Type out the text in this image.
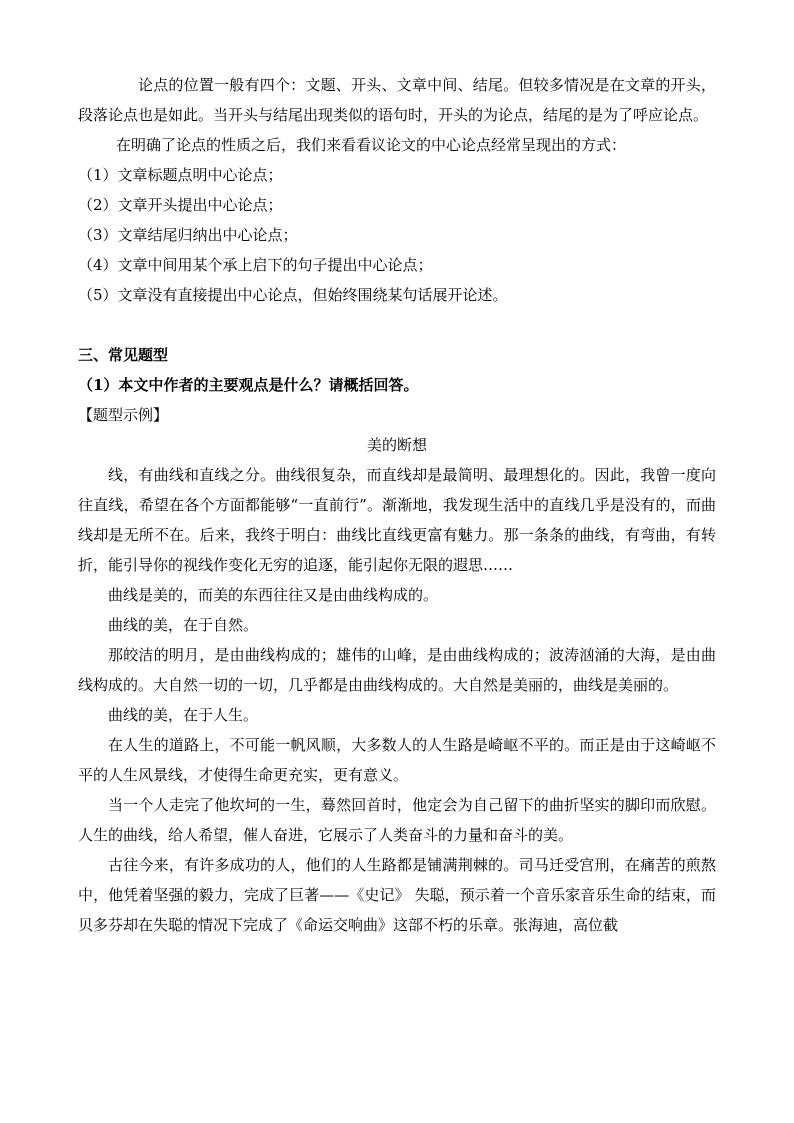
论点的位置一般有四个：文题、开头、文章中间、结尾。但较多情况是在文章的开头，段落论点也是如此。当开头与结尾出现类似的语句时，开头的为论点，结尾的是为了呼应论点。

在明确了论点的性质之后，我们来看看议论文的中心论点经常呈现出的方式：

（1）文章标题点明中心论点；

（2）文章开头提出中心论点；

（3）文章结尾归纳出中心论点；

（4）文章中间用某个承上启下的句子提出中心论点；

（5）文章没有直接提出中心论点，但始终围绕某句话展开论述。

三、常见题型

（1）本文中作者的主要观点是什么？请概括回答。

【题型示例】

美的断想

线，有曲线和直线之分。曲线很复杂，而直线却是最简明、最理想化的。因此，我曾一度向往直线，希望在各个方面都能够“一直前行”。渐渐地，我发现生活中的直线几乎是没有的，而曲线却是无所不在。后来，我终于明白：曲线比直线更富有魅力。那一条条的曲线，有弯曲，有转折，能引导你的视线作变化无穷的追逐，能引起你无限的遐思……

曲线是美的，而美的东西往往又是由曲线构成的。

曲线的美，在于自然。

那皎洁的明月，是由曲线构成的；雄伟的山峰，是由曲线构成的；波涛汹涌的大海，是由曲线构成的。大自然一切的一切，几乎都是由曲线构成的。大自然是美丽的，曲线是美丽的。

曲线的美，在于人生。

在人生的道路上，不可能一帆风顺，大多数人的人生路是崎岖不平的。而正是由于这崎岖不平的人生风景线，才使得生命更充实，更有意义。

当一个人走完了他坎坷的一生，蓦然回首时，他定会为自己留下的曲折坚实的脚印而欣慰。人生的曲线，给人希望，催人奋进，它展示了人类奋斗的力量和奋斗的美。

古往今来，有许多成功的人，他们的人生路都是铺满荆棘的。司马迁受宫刑，在痛苦的煎熬中，他凭着坚强的毅力，完成了巨著——《史记》 失聪，预示着一个音乐家音乐生命的结束，而贝多芬却在失聪的情况下完成了《命运交响曲》这部不朽的乐章。张海迪，高位截
